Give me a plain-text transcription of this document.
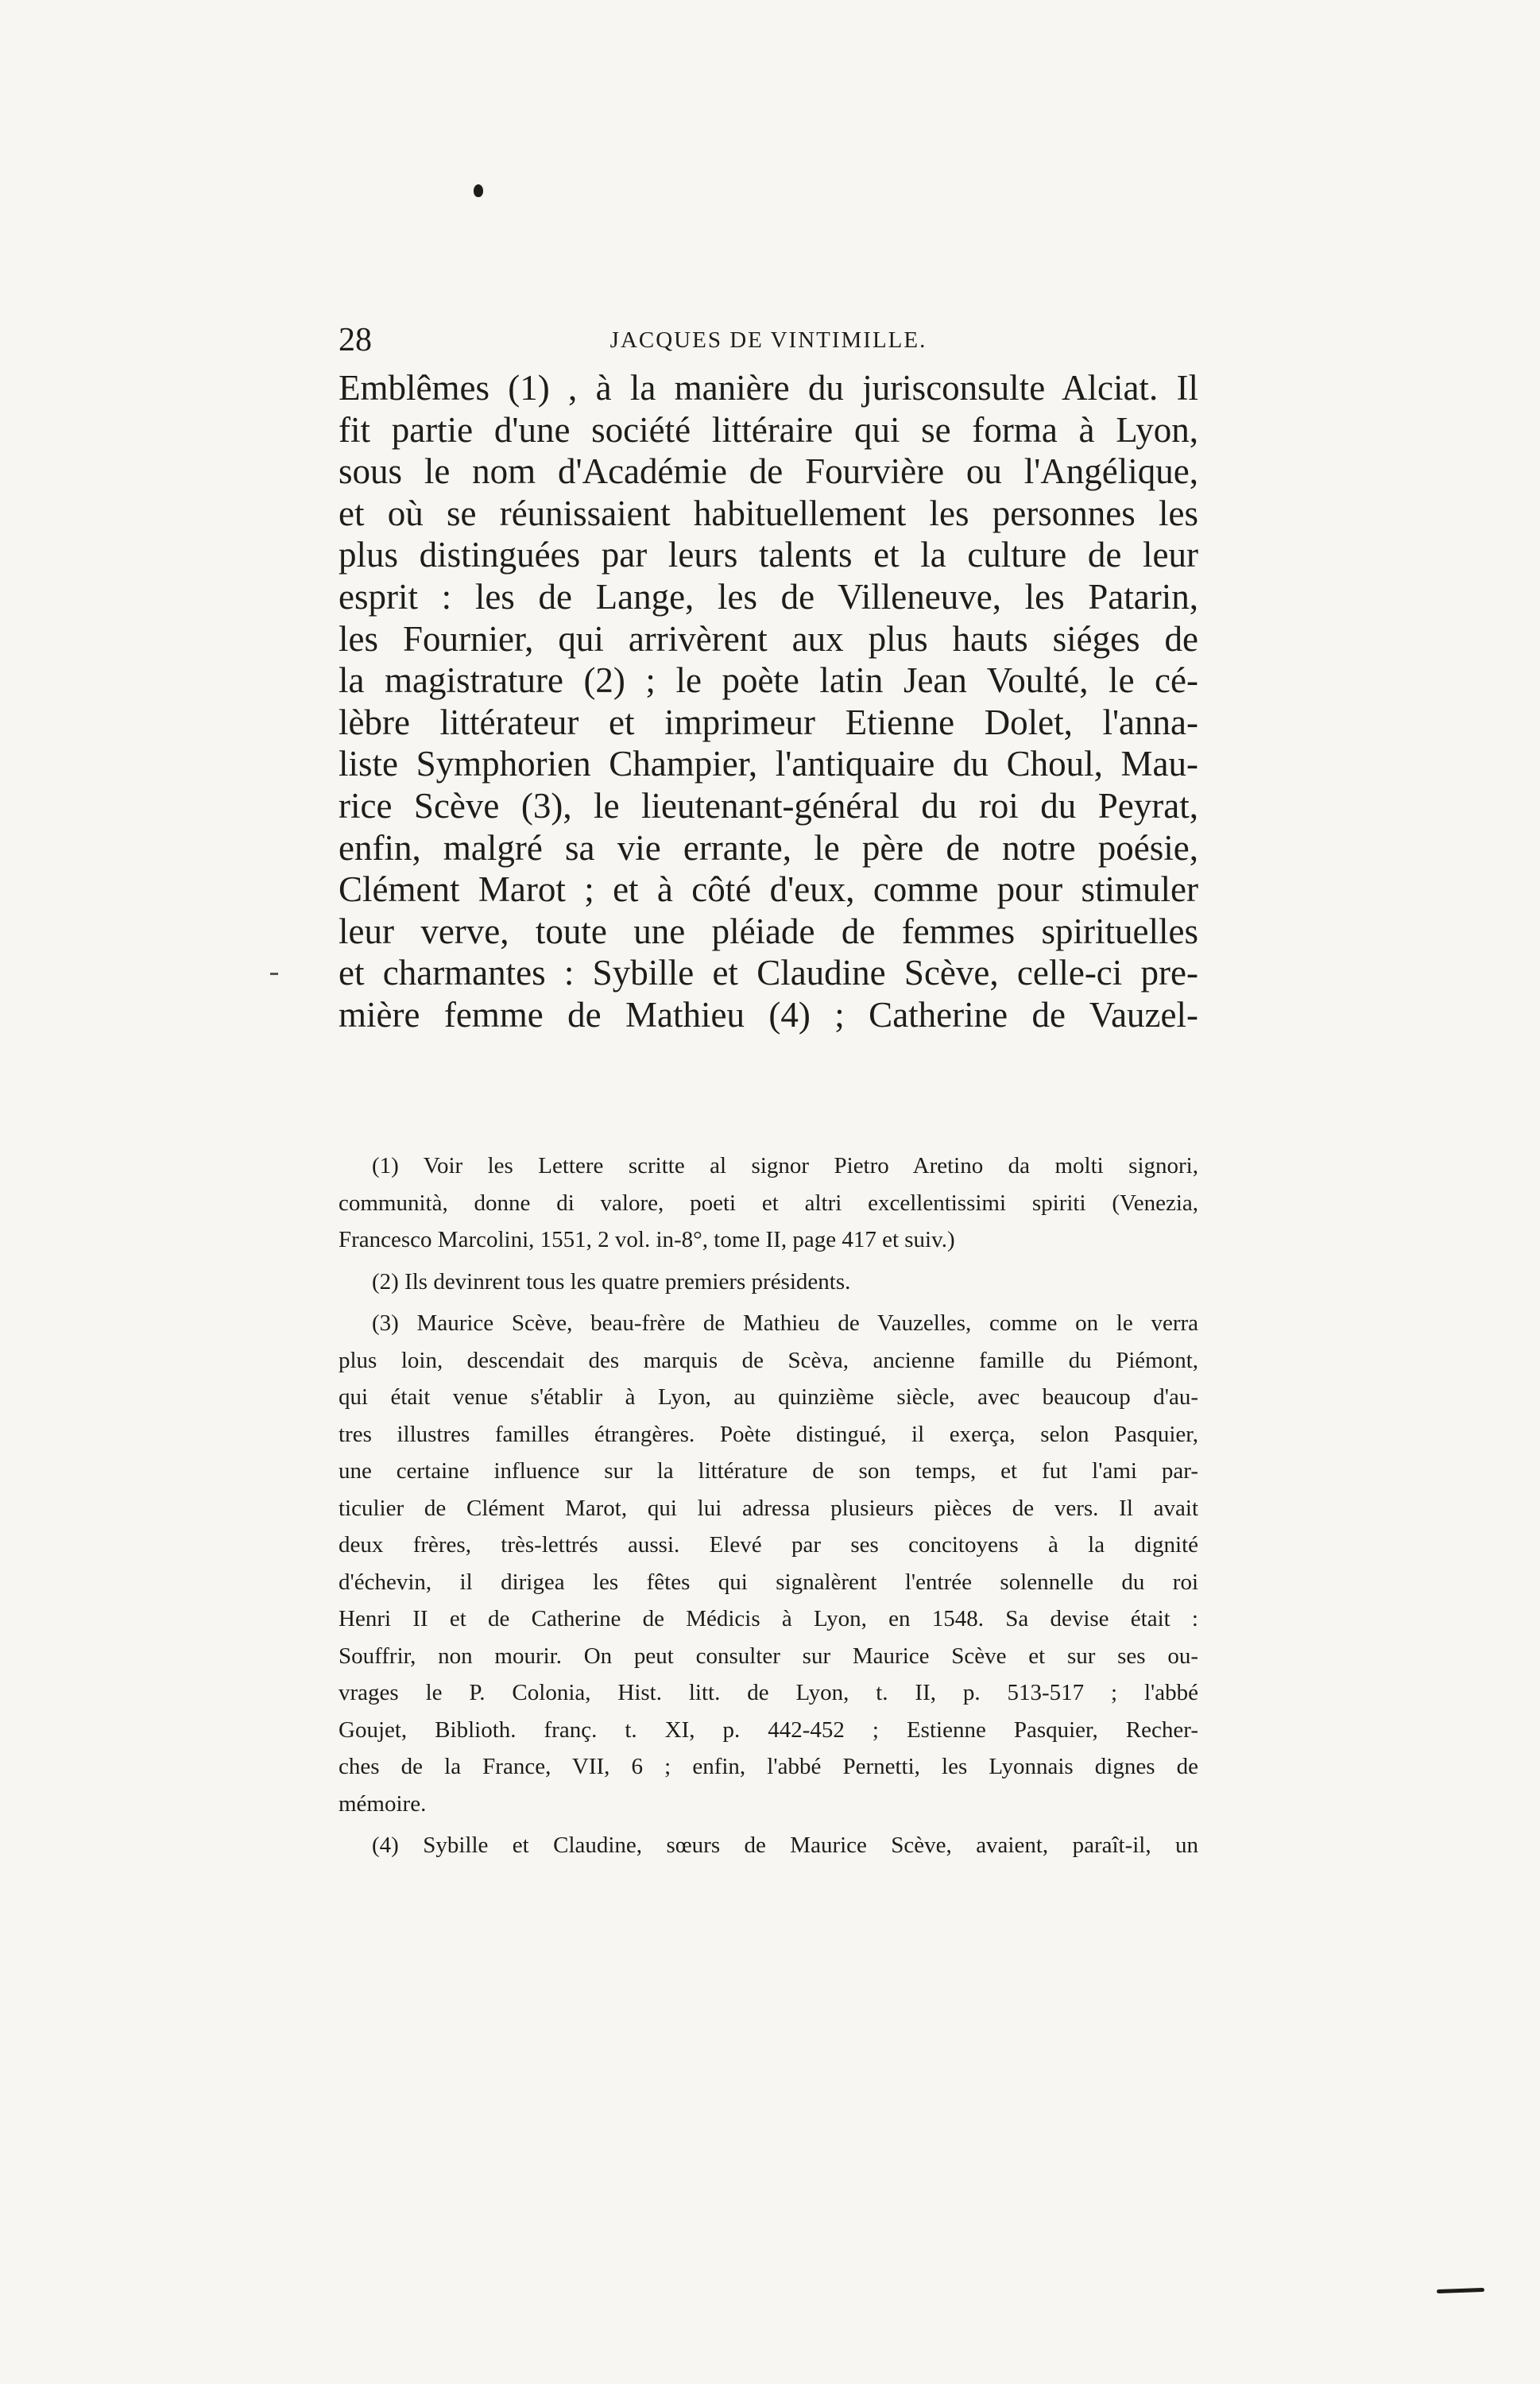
28	JACQUES DE VINTIMILLE.
Emblêmes (1) , à la manière du jurisconsulte Alciat. Il
fit partie d'une société littéraire qui se forma à Lyon,
sous le nom d'Académie de Fourvière ou l'Angélique,
et où se réunissaient habituellement les personnes les
plus distinguées par leurs talents et la culture de leur
esprit : les de Lange, les de Villeneuve, les Patarin,
les Fournier, qui arrivèrent aux plus hauts siéges de
la magistrature (2) ; le poète latin Jean Voulté, le cé-
lèbre littérateur et imprimeur Etienne Dolet, l'anna-
liste Symphorien Champier, l'antiquaire du Choul, Mau-
rice Scève (3), le lieutenant-général du roi du Peyrat,
enfin, malgré sa vie errante, le père de notre poésie,
Clément Marot ; et à côté d'eux, comme pour stimuler
leur verve, toute une pléiade de femmes spirituelles
et charmantes : Sybille et Claudine Scève, celle-ci pre-
mière femme de Mathieu (4) ; Catherine de Vauzel-
(1) Voir les Lettere scritte al signor Pietro Aretino da molti signori,
communità, donne di valore, poeti et altri excellentissimi spiriti (Venezia,
Francesco Marcolini, 1551, 2 vol. in-8°, tome II, page 417 et suiv.)
(2) Ils devinrent tous les quatre premiers présidents.
(3) Maurice Scève, beau-frère de Mathieu de Vauzelles, comme on le verra
plus loin, descendait des marquis de Scèva, ancienne famille du Piémont,
qui était venue s'établir à Lyon, au quinzième siècle, avec beaucoup d'au-
tres illustres familles étrangères. Poète distingué, il exerça, selon Pasquier,
une certaine influence sur la littérature de son temps, et fut l'ami par-
ticulier de Clément Marot, qui lui adressa plusieurs pièces de vers. Il avait
deux frères, très-lettrés aussi. Elevé par ses concitoyens à la dignité
d'échevin, il dirigea les fêtes qui signalèrent l'entrée solennelle du roi
Henri II et de Catherine de Médicis à Lyon, en 1548. Sa devise était :
Souffrir, non mourir. On peut consulter sur Maurice Scève et sur ses ou-
vrages le P. Colonia, Hist. litt. de Lyon, t. II, p. 513-517 ; l'abbé
Goujet, Biblioth. franç. t. XI, p. 442-452 ; Estienne Pasquier, Recher-
ches de la France, VII, 6 ; enfin, l'abbé Pernetti, les Lyonnais dignes de
mémoire.
(4) Sybille et Claudine, sœurs de Maurice Scève, avaient, paraît-il, un
